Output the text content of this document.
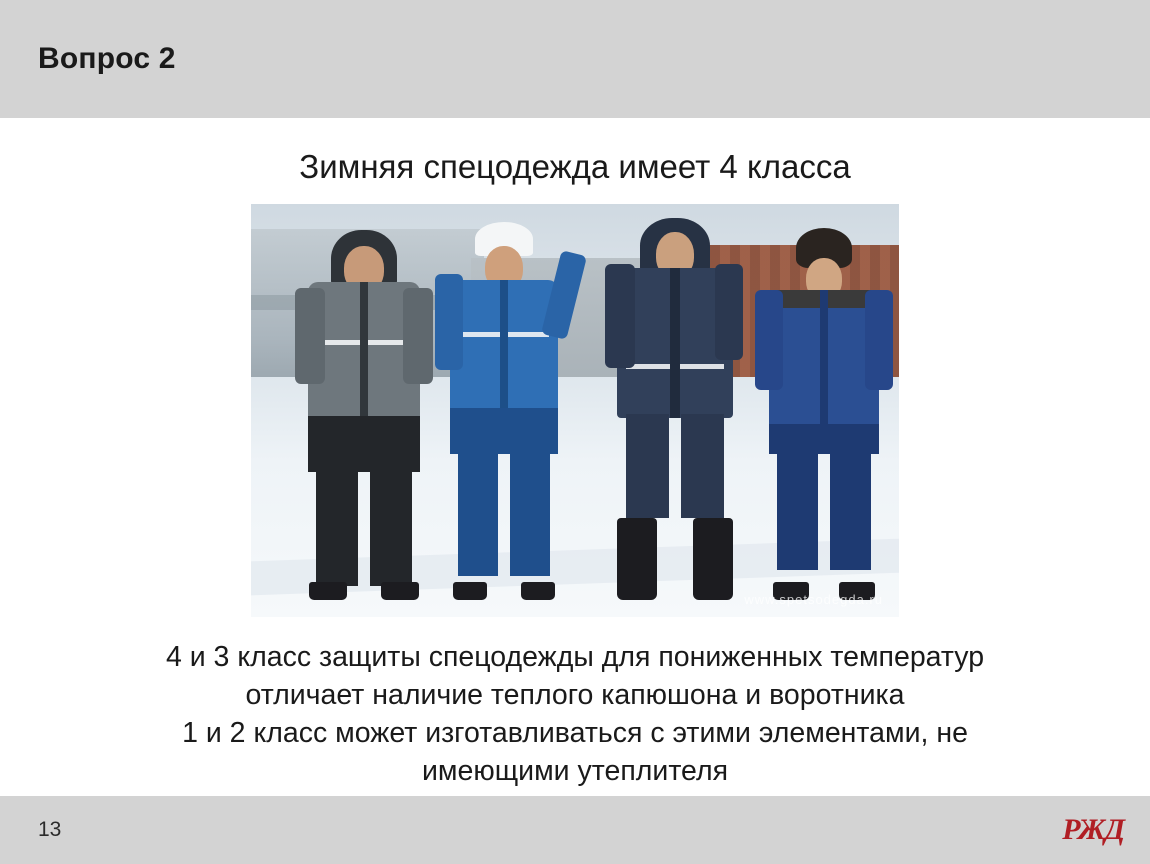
Вопрос 2
Зимняя спецодежда имеет 4 класса
www.spetsodegda.ru

4 и 3 класс защиты спецодежды для пониженных температур

отличает наличие теплого капюшона и воротника

1 и 2 класс может изготавливаться с этими элементами, не

имеющими утеплителя

13	РЖД
